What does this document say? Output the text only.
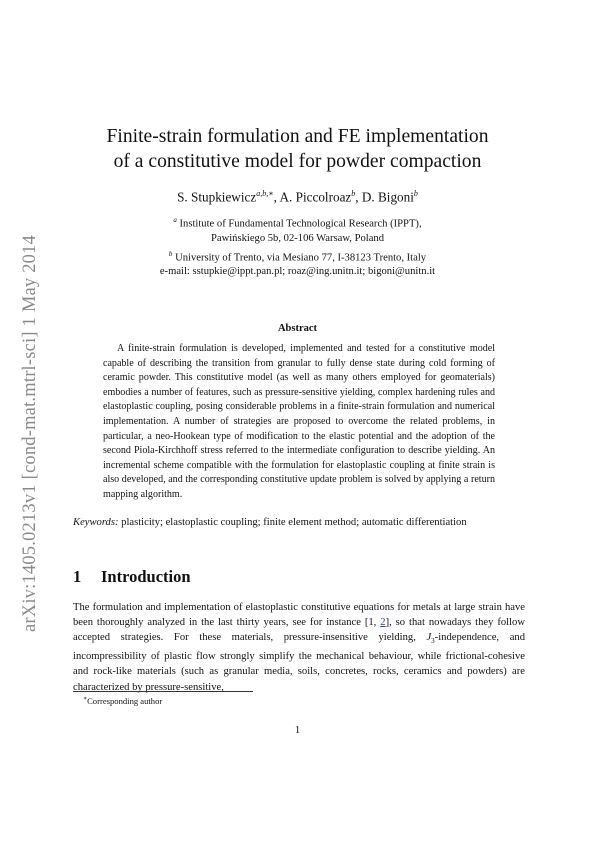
arXiv:1405.0213v1 [cond-mat.mtrl-sci] 1 May 2014
Finite-strain formulation and FE implementation
of a constitutive model for powder compaction
S. Stupkiewicz$^{a,b,∗}$, A. Piccolroaz$^b$, D. Bigoni$^b$
$^a$ Institute of Fundamental Technological Research (IPPT),
Pawińskiego 5b, 02-106 Warsaw, Poland
$^b$ University of Trento, via Mesiano 77, I-38123 Trento, Italy
e-mail: sstupkie@ippt.pan.pl; roaz@ing.unitn.it; bigoni@unitn.it
Abstract
A finite-strain formulation is developed, implemented and tested for a constitutive model capable of describing the transition from granular to fully dense state during cold forming of ceramic powder. This constitutive model (as well as many others employed for geomaterials) embodies a number of features, such as pressure-sensitive yielding, complex hardening rules and elastoplastic coupling, posing considerable problems in a finite-strain formulation and numerical implementation. A number of strategies are proposed to overcome the related problems, in particular, a neo-Hookean type of modification to the elastic potential and the adoption of the second Piola-Kirchhoff stress referred to the intermediate configuration to describe yielding. An incremental scheme compatible with the formulation for elastoplastic coupling at finite strain is also developed, and the corresponding constitutive update problem is solved by applying a return mapping algorithm.
Keywords: plasticity; elastoplastic coupling; finite element method; automatic differentiation
1 Introduction
The formulation and implementation of elastoplastic constitutive equations for metals at large strain have been thoroughly analyzed in the last thirty years, see for instance [1, 2], so that nowadays they follow accepted strategies. For these materials, pressure-insensitive yielding, $J_3$-independence, and incompressibility of plastic flow strongly simplify the mechanical behaviour, while frictional-cohesive and rock-like materials (such as granular media, soils, concretes, rocks, ceramics and powders) are characterized by pressure-sensitive,
∗Corresponding author
1
